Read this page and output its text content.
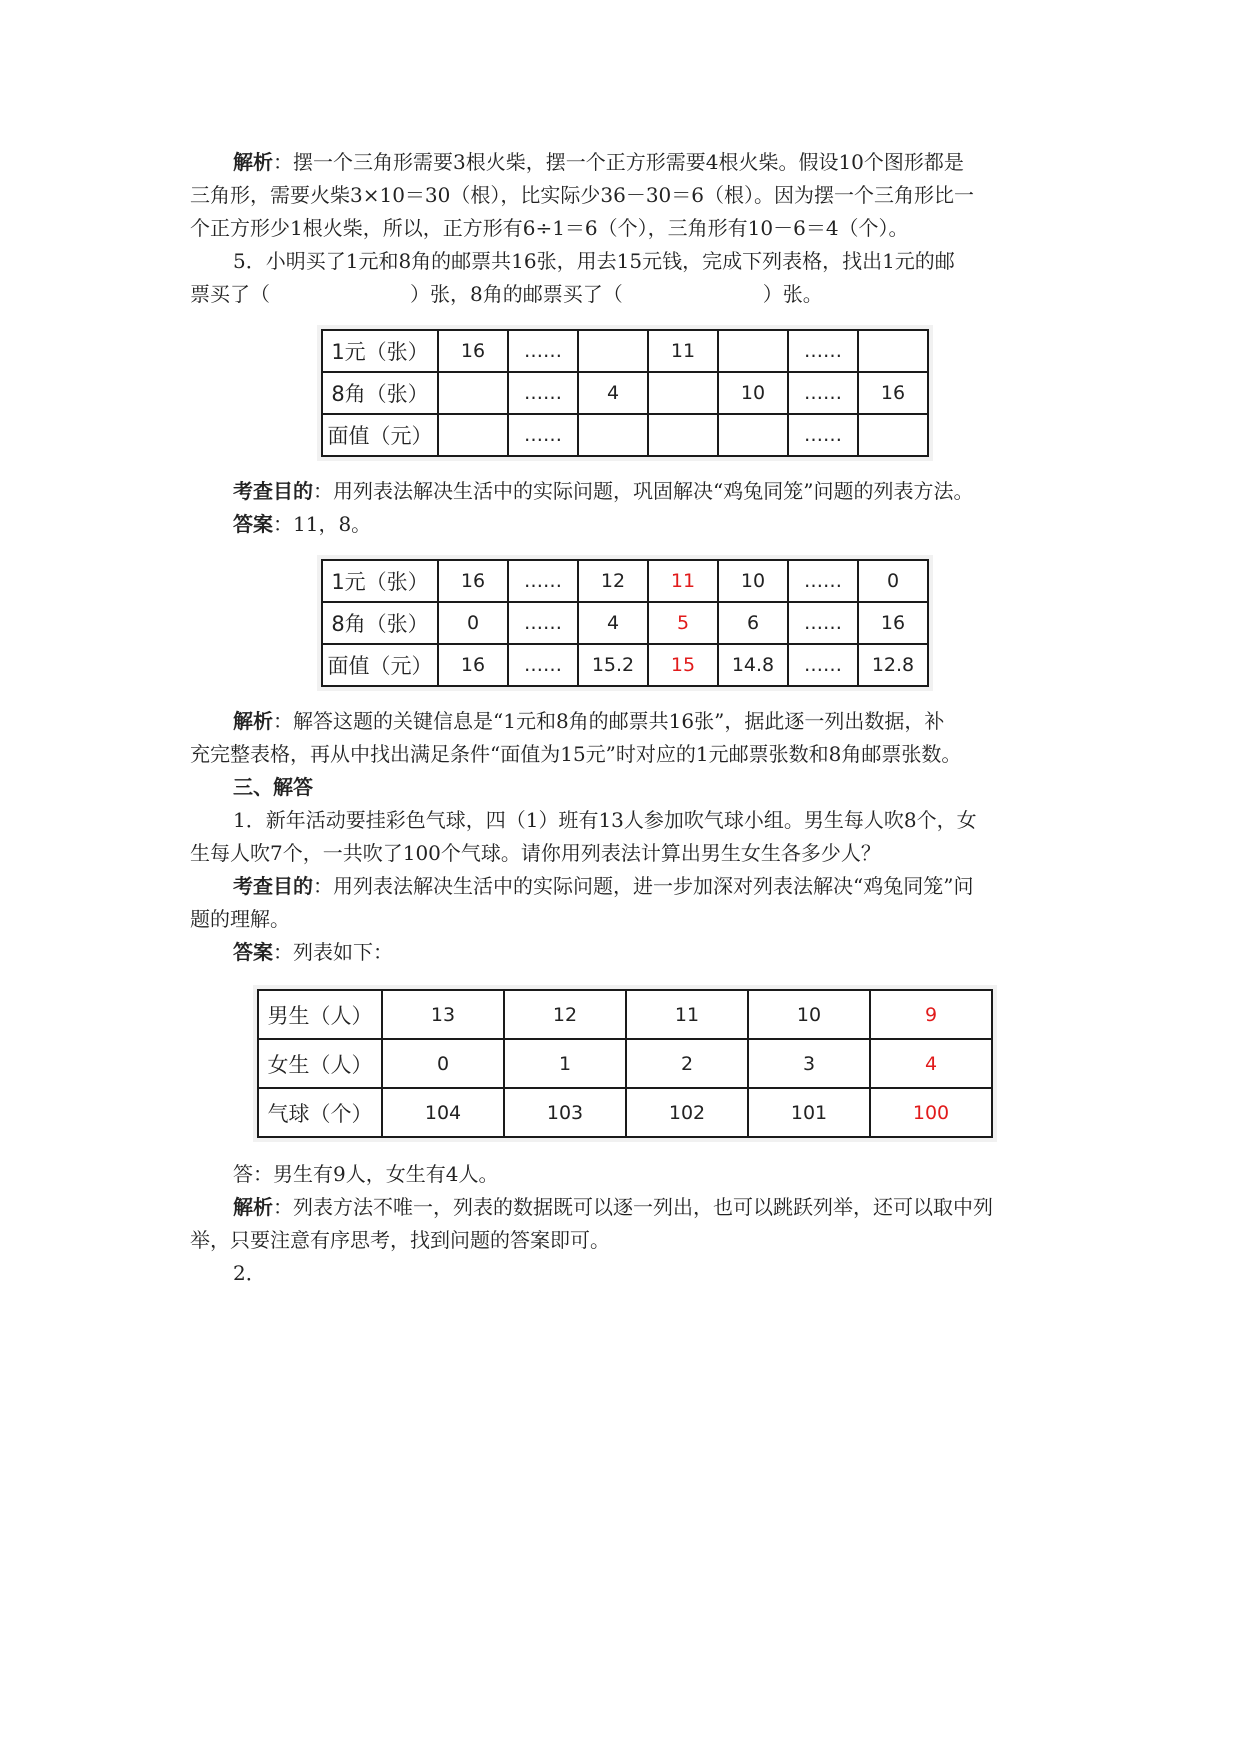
解析：摆一个三角形需要3根火柴，摆一个正方形需要4根火柴。假设10个图形都是

三角形，需要火柴3×10＝30（根），比实际少36－30＝6（根）。因为摆一个三角形比一

个正方形少1根火柴，所以，正方形有6÷1＝6（个），三角形有10－6＝4（个）。

5．小明买了1元和8角的邮票共16张，用去15元钱，完成下列表格，找出1元的邮

票买了（	）张，8角的邮票买了（	）张。

1元（张）	16	……		11		……	
8角（张）		……	4		10	……	16
面值（元）		……				……	

考查目的：用列表法解决生活中的实际问题，巩固解决“鸡兔同笼”问题的列表方法。

答案：11，8。

1元（张）	16	……	12	11	10	……	0
8角（张）	0	……	4	5	6	……	16
面值（元）	16	……	15.2	15	14.8	……	12.8

解析：解答这题的关键信息是“1元和8角的邮票共16张”，据此逐一列出数据，补

充完整表格，再从中找出满足条件“面值为15元”时对应的1元邮票张数和8角邮票张数。

三、解答

1．新年活动要挂彩色气球，四（1）班有13人参加吹气球小组。男生每人吹8个，女

生每人吹7个，一共吹了100个气球。请你用列表法计算出男生女生各多少人？

考查目的：用列表法解决生活中的实际问题，进一步加深对列表法解决“鸡兔同笼”问

题的理解。

答案：列表如下：

男生（人）	13	12	11	10	9
女生（人）	0	1	2	3	4
气球（个）	104	103	102	101	100

答：男生有9人，女生有4人。

解析：列表方法不唯一，列表的数据既可以逐一列出，也可以跳跃列举，还可以取中列

举，只要注意有序思考，找到问题的答案即可。

2．
